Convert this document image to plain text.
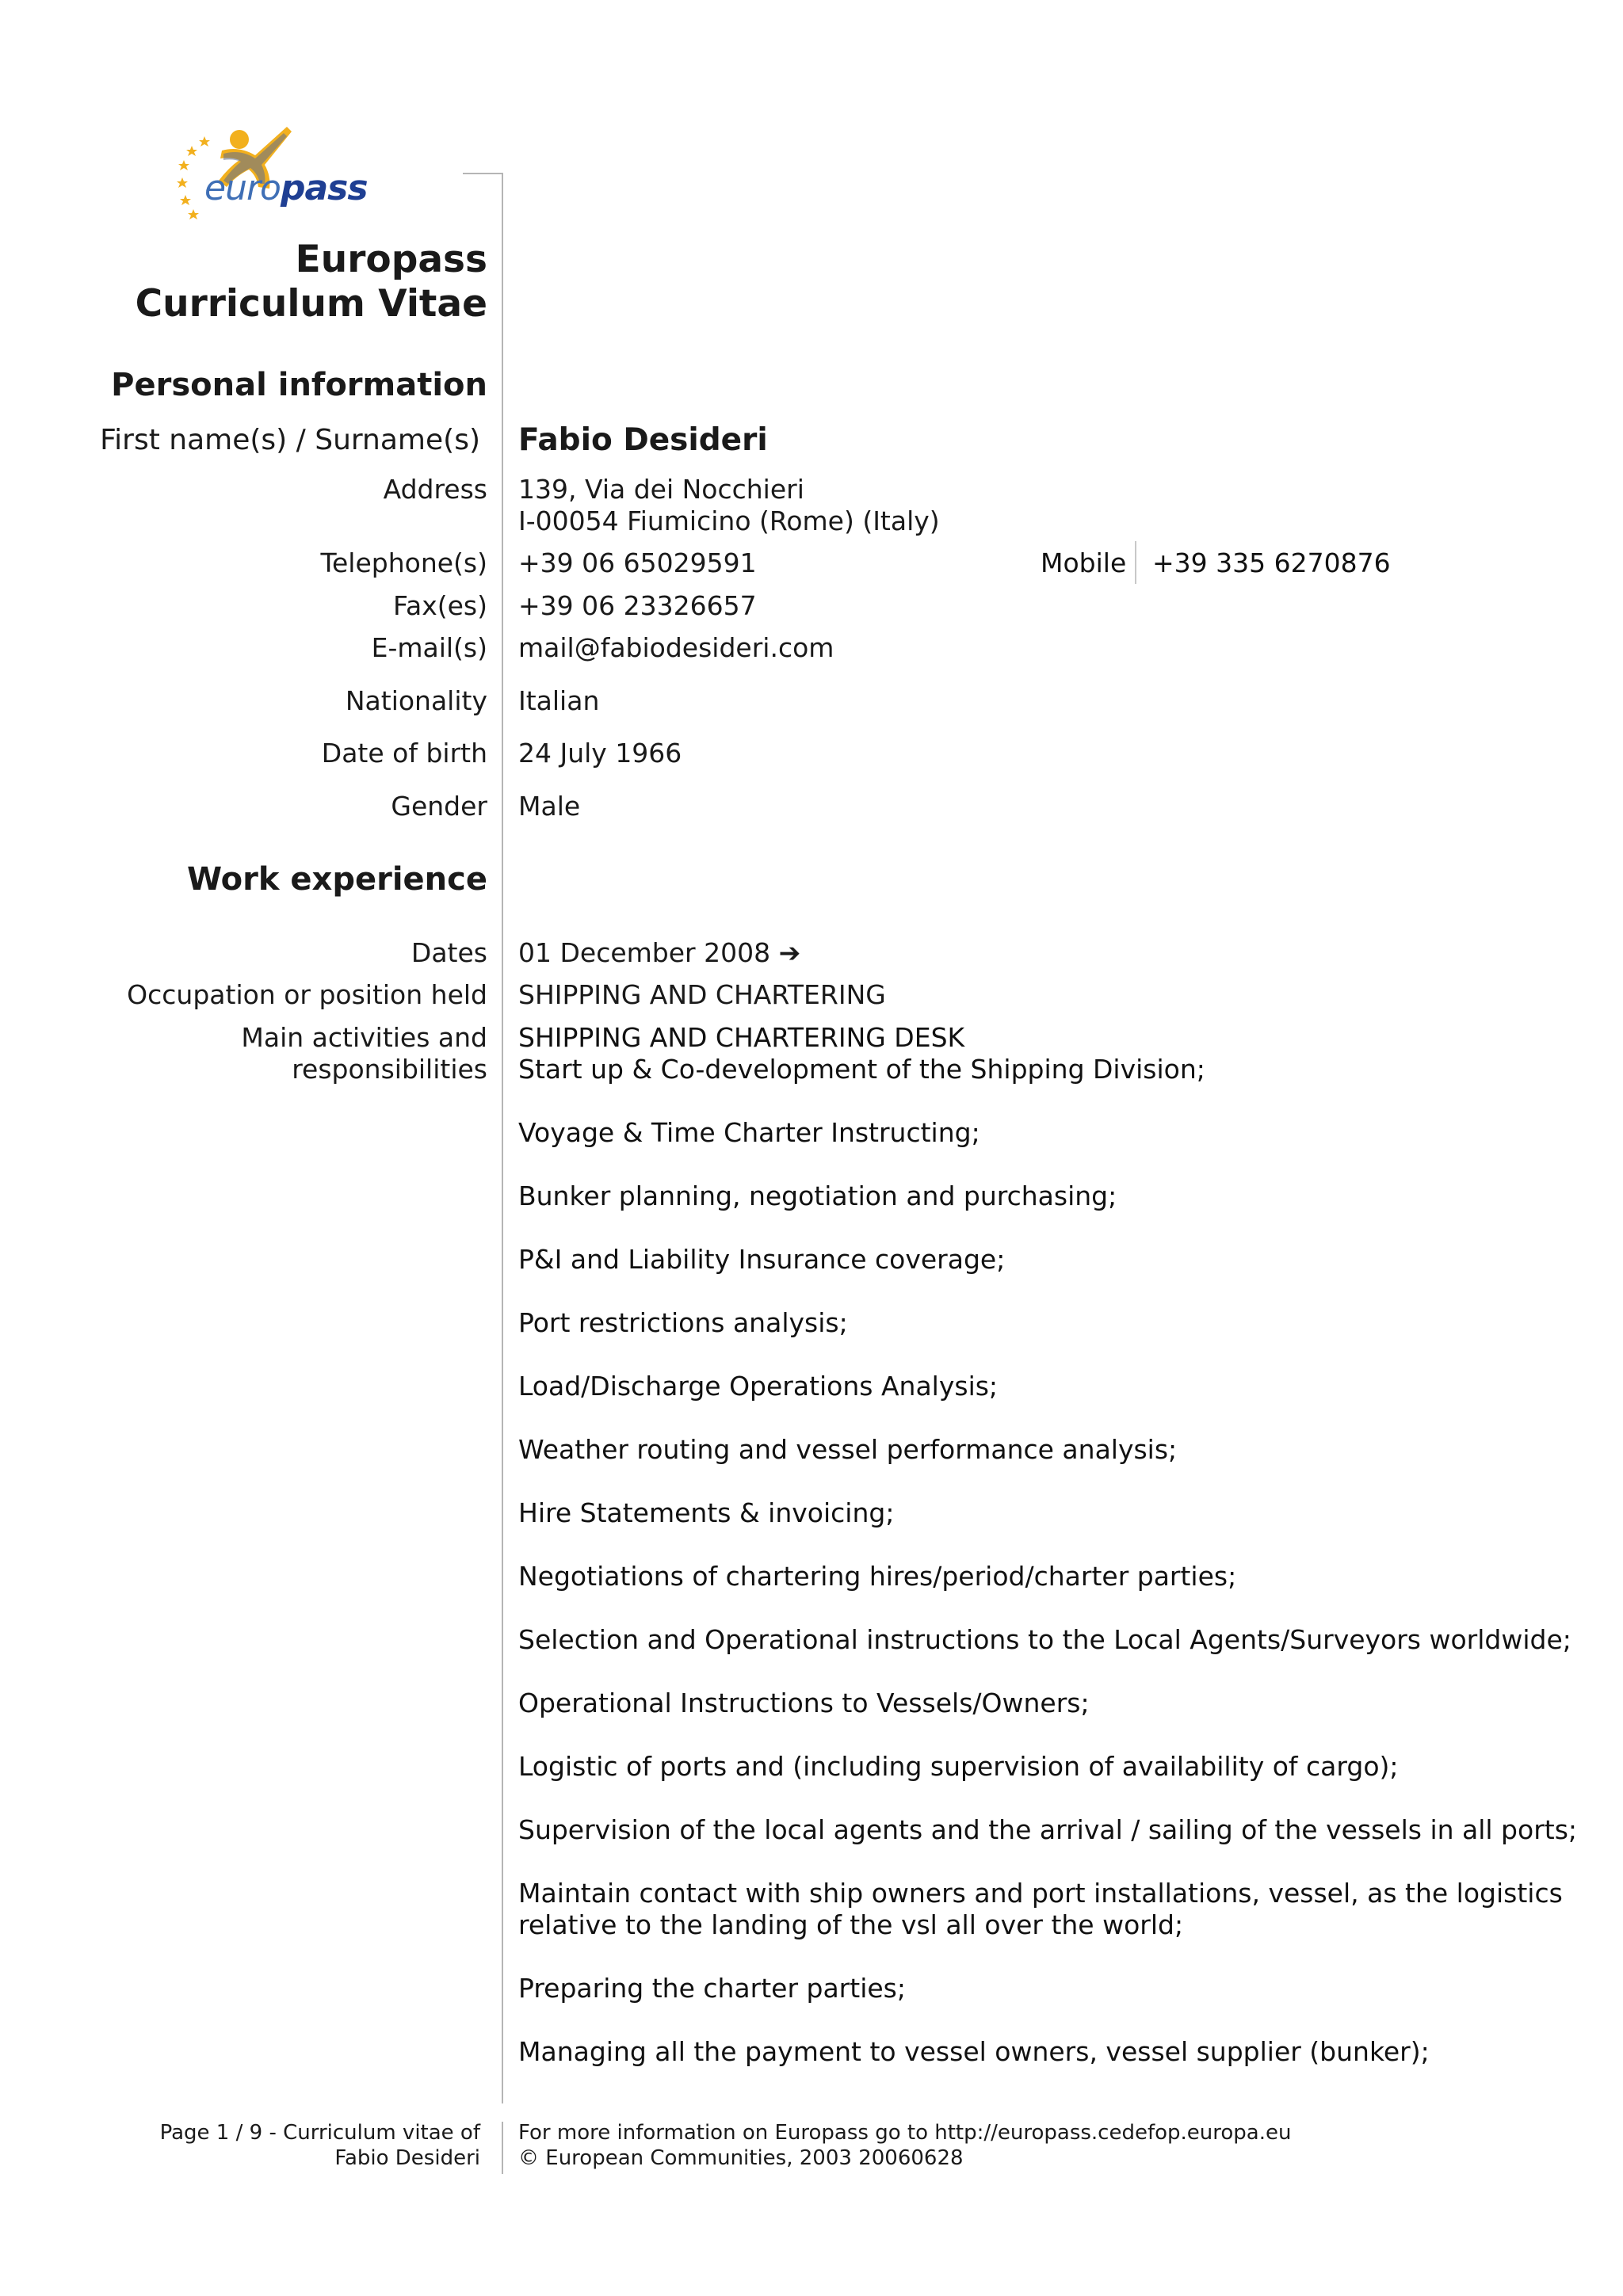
europass
Europass
Curriculum Vitae
Personal information
First name(s) / Surname(s) Fabio Desideri
Address 139, Via dei Nocchieri
I-00054 Fiumicino (Rome) (Italy)
Telephone(s) +39 06 65029591	Mobile +39 335 6270876
Fax(es) +39 06 23326657
E-mail(s) mail@fabiodesideri.com
Nationality Italian
Date of birth 24 July 1966
Gender Male
Work experience
Dates 01 December 2008 ➔
Occupation or position held SHIPPING AND CHARTERING
Main activities and
responsibilities
SHIPPING AND CHARTERING DESK
Start up & Co-development of the Shipping Division;
Voyage & Time Charter Instructing;
Bunker planning, negotiation and purchasing;
P&I and Liability Insurance coverage;
Port restrictions analysis;
Load/Discharge Operations Analysis;
Weather routing and vessel performance analysis;
Hire Statements & invoicing;
Negotiations of chartering hires/period/charter parties;
Selection and Operational instructions to the Local Agents/Surveyors worldwide;
Operational Instructions to Vessels/Owners;
Logistic of ports and (including supervision of availability of cargo);
Supervision of the local agents and the arrival / sailing of the vessels in all ports;
Maintain contact with ship owners and port installations, vessel, as the logistics
relative to the landing of the vsl all over the world;
Preparing the charter parties;
Managing all the payment to vessel owners, vessel supplier (bunker);
Page 1 / 9 - Curriculum vitae of
Fabio Desideri
For more information on Europass go to http://europass.cedefop.europa.eu
© European Communities, 2003 20060628
